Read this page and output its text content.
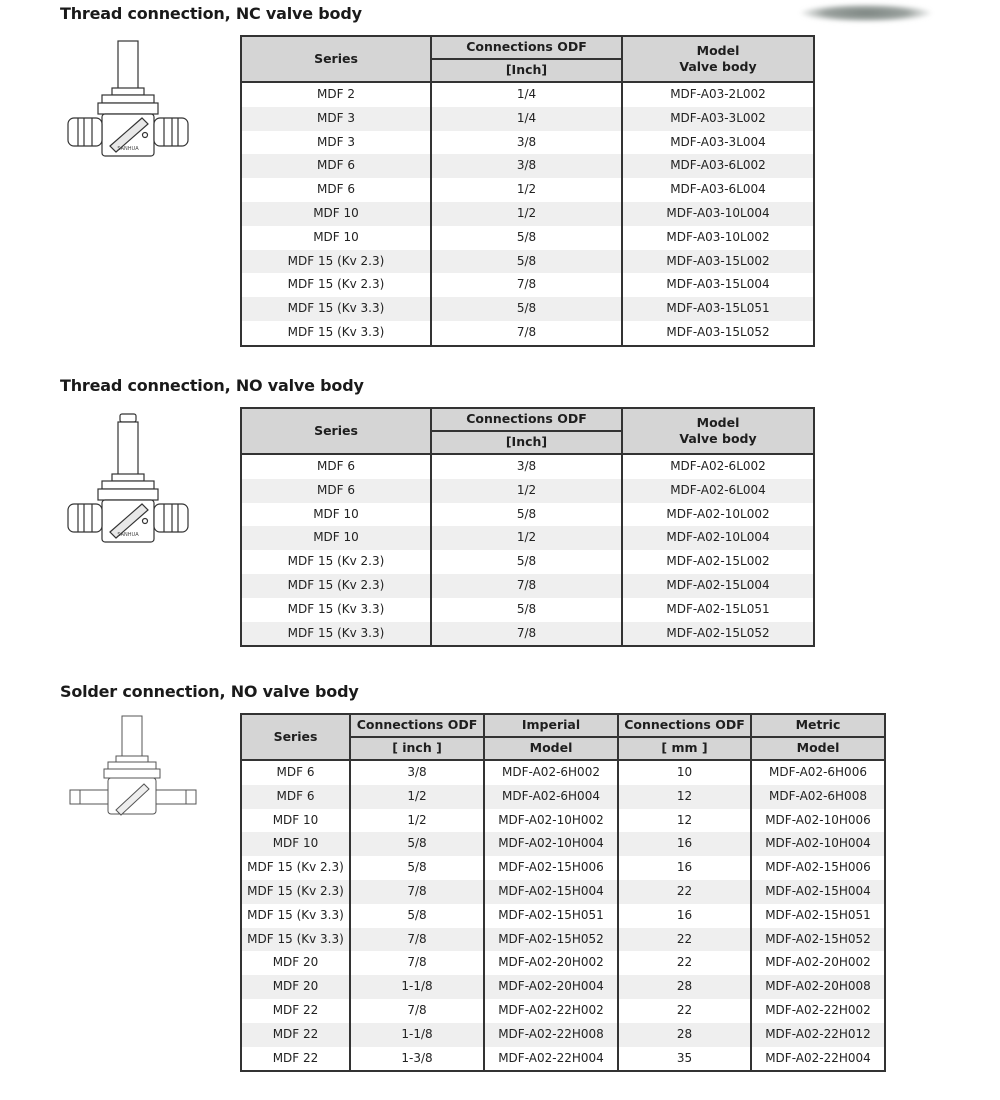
Thread connection, NC valve body
SANHUA
Series	Connections ODF	Model
Valve body

	[Inch]	
MDF 2	1/4	MDF-A03-2L002
MDF 3	1/4	MDF-A03-3L002
MDF 3	3/8	MDF-A03-3L004
MDF 6	3/8	MDF-A03-6L002
MDF 6	1/2	MDF-A03-6L004
MDF 10	1/2	MDF-A03-10L004
MDF 10	5/8	MDF-A03-10L002
MDF 15 (Kv 2.3)	5/8	MDF-A03-15L002
MDF 15 (Kv 2.3)	7/8	MDF-A03-15L004
MDF 15 (Kv 3.3)	5/8	MDF-A03-15L051
MDF 15 (Kv 3.3)	7/8	MDF-A03-15L052
Thread connection, NO valve body
SANHUA
Series	Connections ODF	Model
Valve body

	[Inch]	
MDF 6	3/8	MDF-A02-6L002
MDF 6	1/2	MDF-A02-6L004
MDF 10	5/8	MDF-A02-10L002
MDF 10	1/2	MDF-A02-10L004
MDF 15 (Kv 2.3)	5/8	MDF-A02-15L002
MDF 15 (Kv 2.3)	7/8	MDF-A02-15L004
MDF 15 (Kv 3.3)	5/8	MDF-A02-15L051
MDF 15 (Kv 3.3)	7/8	MDF-A02-15L052
Solder connection, NO valve body
Series	Connections ODF	Imperial	Connections ODF	Metric
	[ inch ]	Model	[ mm ]	Model
MDF 6	3/8	MDF-A02-6H002	10	MDF-A02-6H006
MDF 6	1/2	MDF-A02-6H004	12	MDF-A02-6H008
MDF 10	1/2	MDF-A02-10H002	12	MDF-A02-10H006
MDF 10	5/8	MDF-A02-10H004	16	MDF-A02-10H004
MDF 15 (Kv 2.3)	5/8	MDF-A02-15H006	16	MDF-A02-15H006
MDF 15 (Kv 2.3)	7/8	MDF-A02-15H004	22	MDF-A02-15H004
MDF 15 (Kv 3.3)	5/8	MDF-A02-15H051	16	MDF-A02-15H051
MDF 15 (Kv 3.3)	7/8	MDF-A02-15H052	22	MDF-A02-15H052
MDF 20	7/8	MDF-A02-20H002	22	MDF-A02-20H002
MDF 20	1-1/8	MDF-A02-20H004	28	MDF-A02-20H008
MDF 22	7/8	MDF-A02-22H002	22	MDF-A02-22H002
MDF 22	1-1/8	MDF-A02-22H008	28	MDF-A02-22H012
MDF 22	1-3/8	MDF-A02-22H004	35	MDF-A02-22H004
